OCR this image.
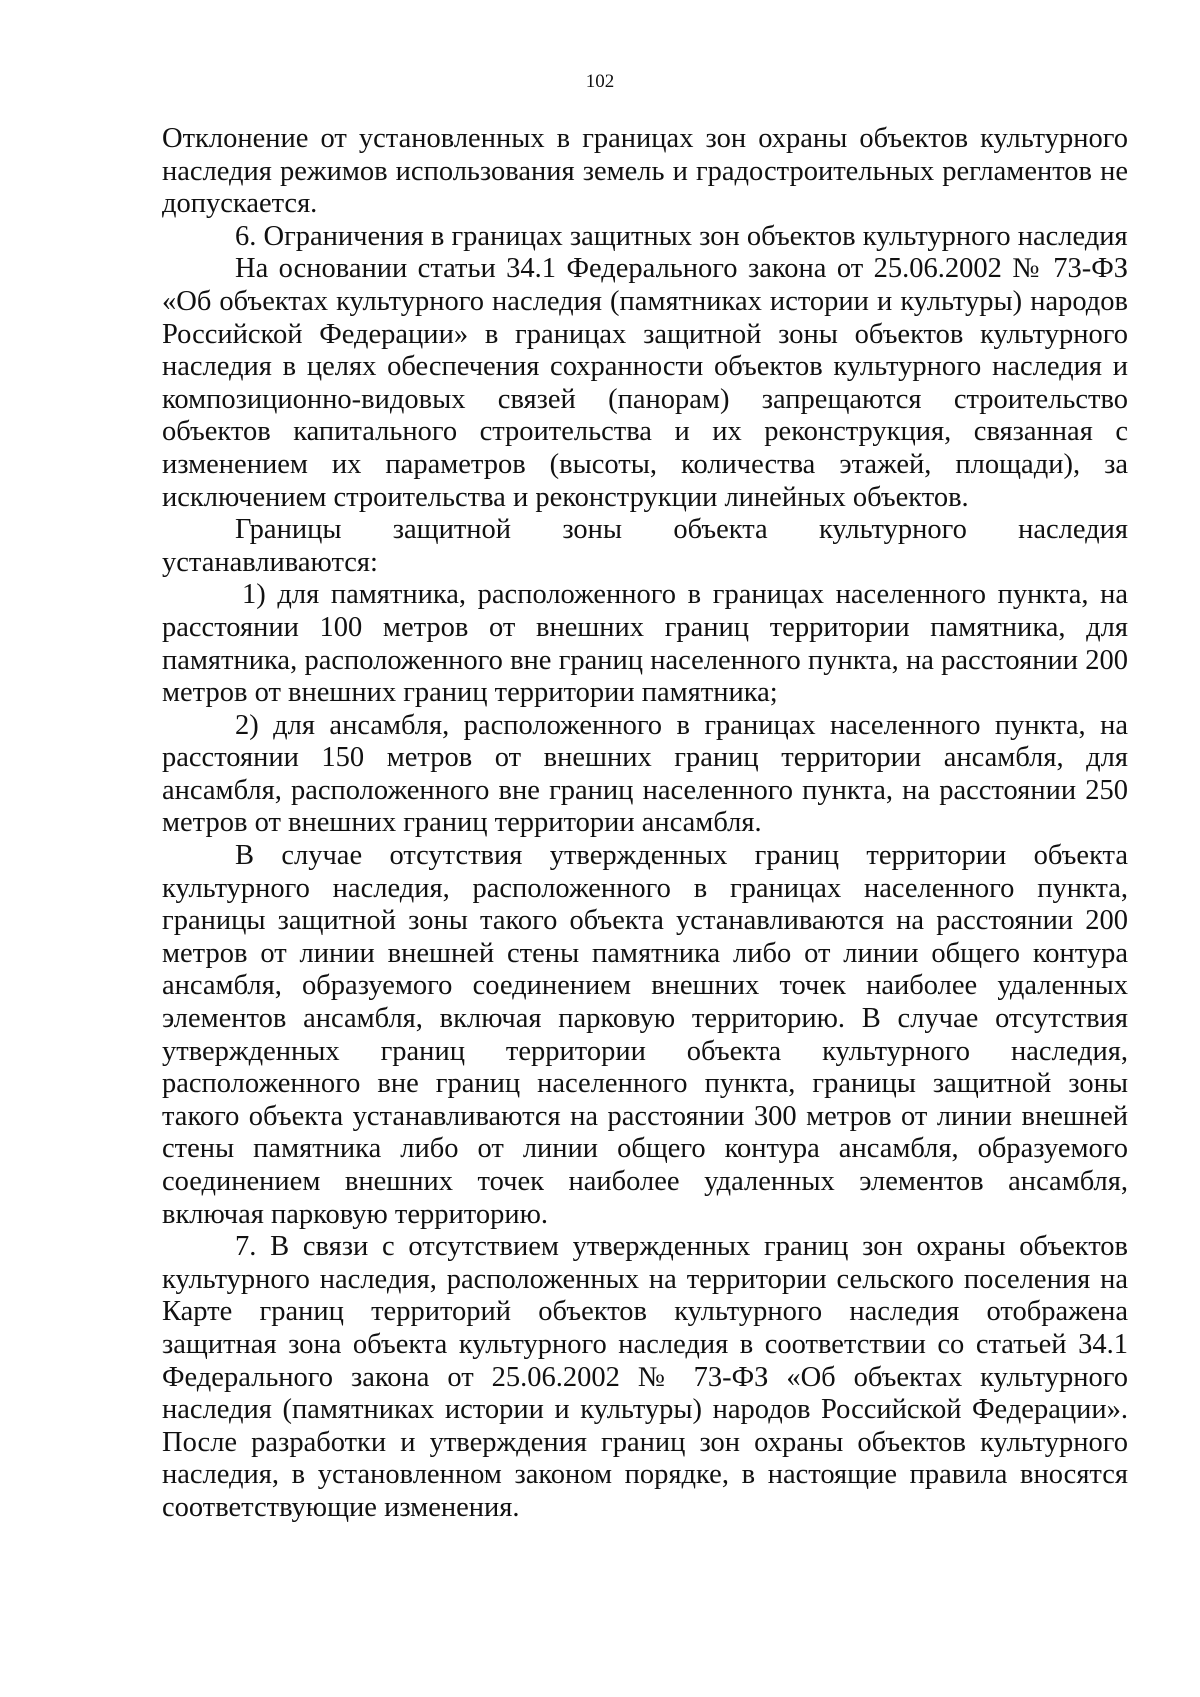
102

Отклонение от установленных в границах зон охраны объектов культурного наследия режимов использования земель и градостроительных регламентов не допускается.

6. Ограничения в границах защитных зон объектов культурного наследия

На основании статьи 34.1 Федерального закона от 25.06.2002 № 73-ФЗ «Об объектах культурного наследия (памятниках истории и культуры) народов Российской Федерации» в границах защитной зоны объектов культурного наследия в целях обеспечения сохранности объектов культурного наследия и композиционно-видовых связей (панорам) запрещаются строительство объектов капитального строительства и их реконструкция, связанная с изменением их параметров (высоты, количества этажей, площади), за исключением строительства и реконструкции линейных объектов.

Границы защитной зоны объекта культурного наследия устанавливаются:

1) для памятника, расположенного в границах населенного пункта, на расстоянии 100 метров от внешних границ территории памятника, для памятника, расположенного вне границ населенного пункта, на расстоянии 200 метров от внешних границ территории памятника;

2) для ансамбля, расположенного в границах населенного пункта, на расстоянии 150 метров от внешних границ территории ансамбля, для ансамбля, расположенного вне границ населенного пункта, на расстоянии 250 метров от внешних границ территории ансамбля.

В случае отсутствия утвержденных границ территории объекта культурного наследия, расположенного в границах населенного пункта, границы защитной зоны такого объекта устанавливаются на расстоянии 200 метров от линии внешней стены памятника либо от линии общего контура ансамбля, образуемого соединением внешних точек наиболее удаленных элементов ансамбля, включая парковую территорию. В случае отсутствия утвержденных границ территории объекта культурного наследия, расположенного вне границ населенного пункта, границы защитной зоны такого объекта устанавливаются на расстоянии 300 метров от линии внешней стены памятника либо от линии общего контура ансамбля, образуемого соединением внешних точек наиболее удаленных элементов ансамбля, включая парковую территорию.

7. В связи с отсутствием утвержденных границ зон охраны объектов культурного наследия, расположенных на территории сельского поселения на Карте границ территорий объектов культурного наследия отображена защитная зона объекта культурного наследия в соответствии со статьей 34.1 Федерального закона от 25.06.2002 № 73-ФЗ «Об объектах культурного наследия (памятниках истории и культуры) народов Российской Федерации». После разработки и утверждения границ зон охраны объектов культурного наследия, в установленном законом порядке, в настоящие правила вносятся соответствующие изменения.
